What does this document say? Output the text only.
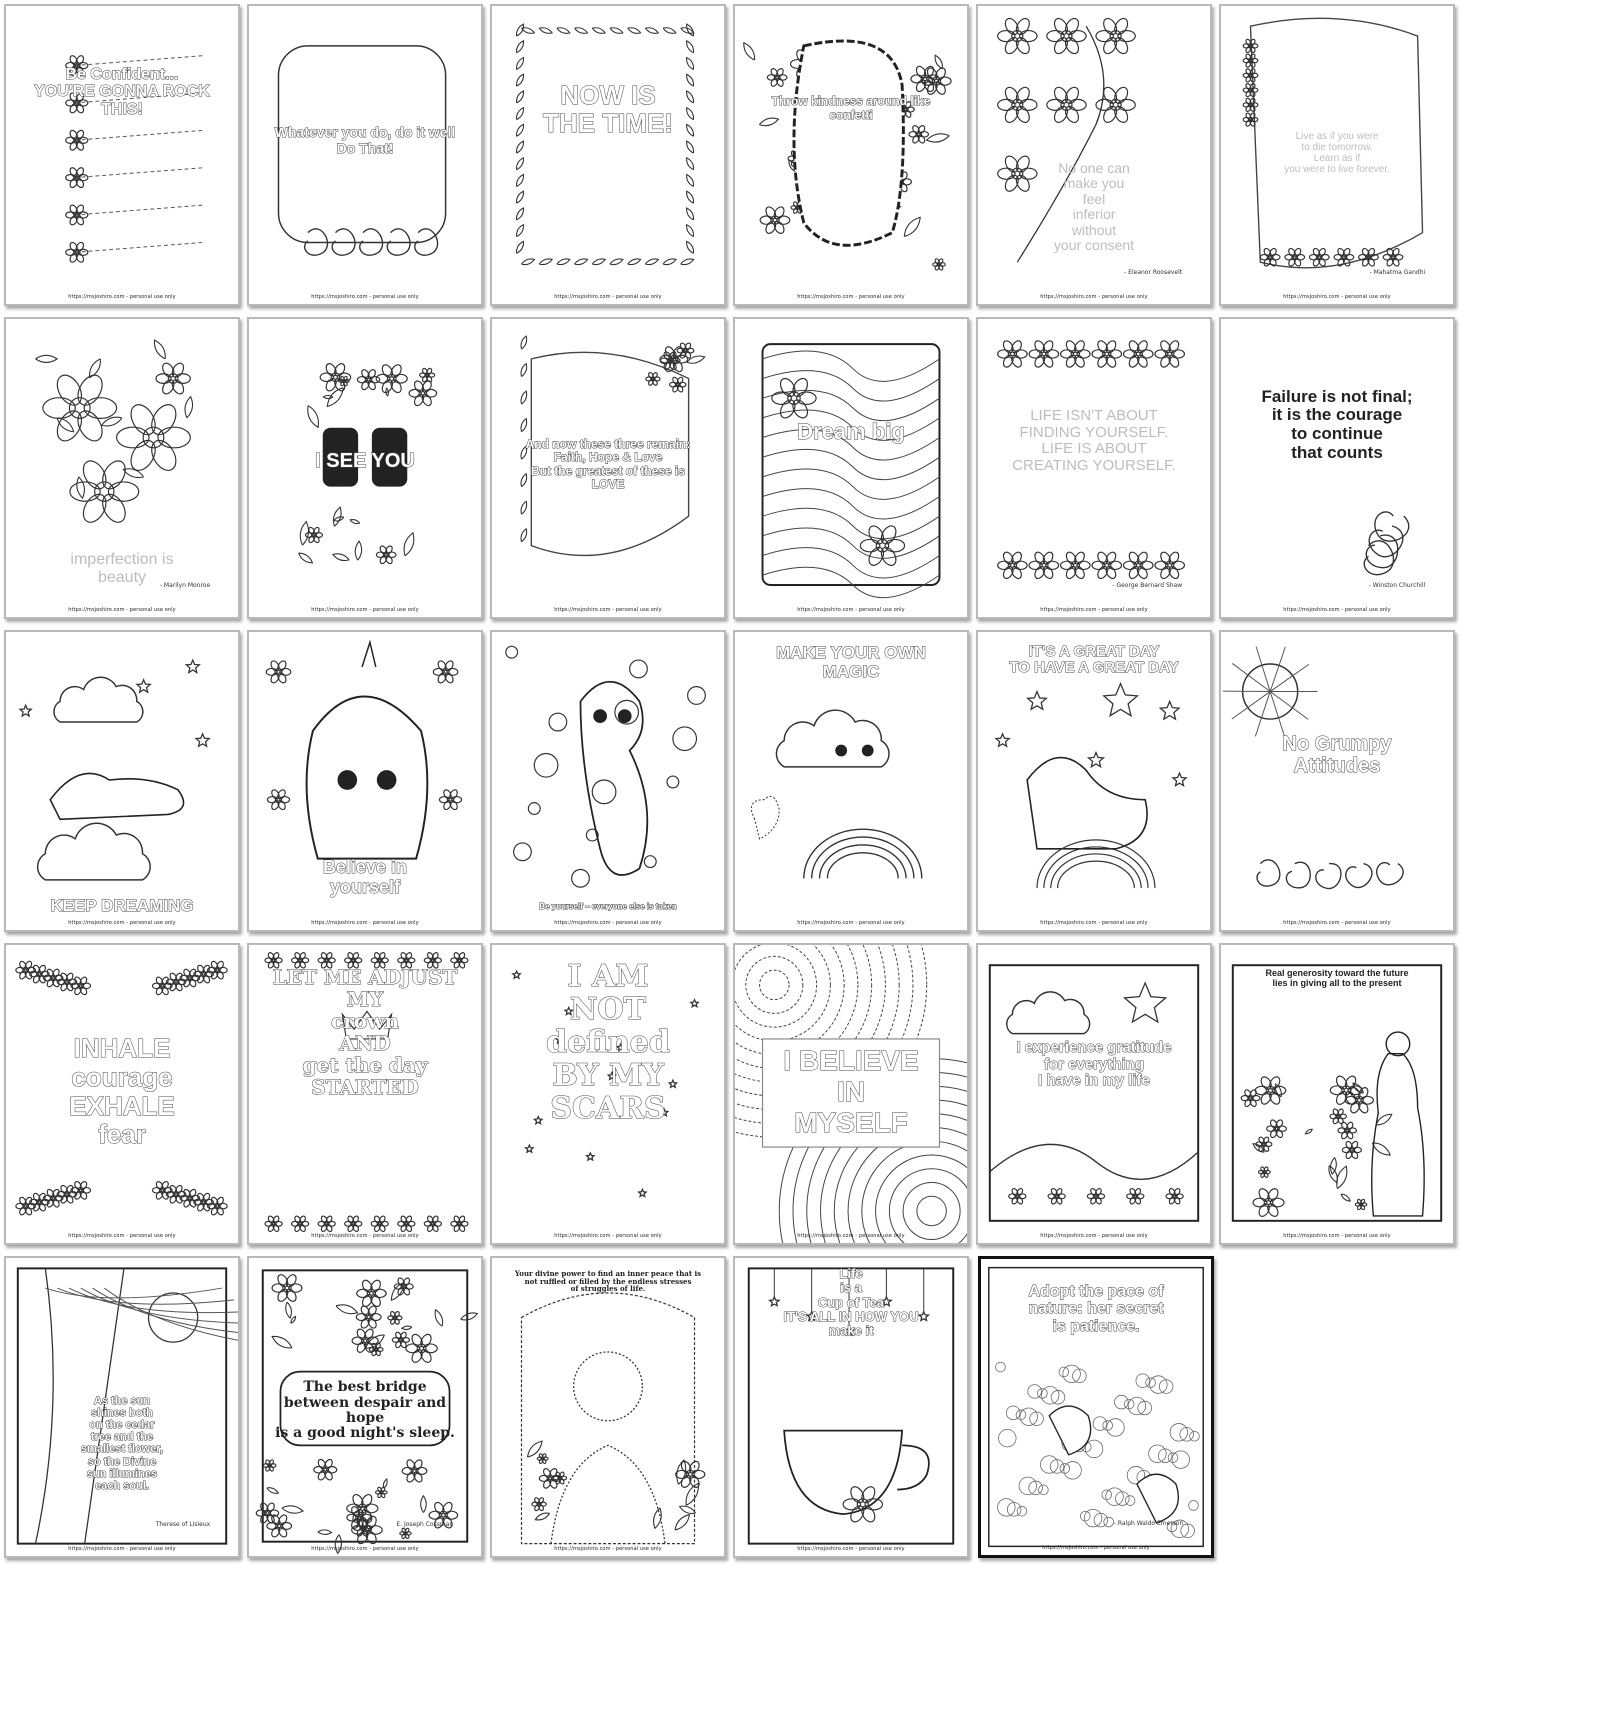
Be Confident...
YOU'RE GONNA ROCK THIS!
https://msjoshiro.com - personal use only
Whatever you do, do it well
Do That!
https://msjoshiro.com - personal use only
NOW IS
THE TIME!
https://msjoshiro.com - personal use only
Throw kindness around like confetti
https://msjoshiro.com - personal use only
No one can
make you
feel
inferior
without
your consent
- Eleanor Roosevelt
https://msjoshiro.com - personal use only
Live as if you were
to die tomorrow.
Learn as if
you were to live forever.
- Mahatma Gandhi
https://msjoshiro.com - personal use only
imperfection is
beauty	- Marilyn Monroe
https://msjoshiro.com - personal use only
I SEE YOU
https://msjoshiro.com - personal use only
And now these three remain:
Faith, Hope & Love
But the greatest of these is
LOVE
https://msjoshiro.com - personal use only
Dream big
https://msjoshiro.com - personal use only
LIFE ISN'T ABOUT
FINDING YOURSELF.
LIFE IS ABOUT
CREATING YOURSELF.
- George Bernard Shaw
https://msjoshiro.com - personal use only
Failure is not final;
it is the courage
to continue
that counts
- Winston Churchill
https://msjoshiro.com - personal use only
KEEP DREAMING
https://msjoshiro.com - personal use only
Believe in
yourself
https://msjoshiro.com - personal use only
Be yourself – everyone else is taken
https://msjoshiro.com - personal use only
MAKE YOUR OWN
MAGIC
https://msjoshiro.com - personal use only
IT'S A GREAT DAY
TO HAVE A GREAT DAY
https://msjoshiro.com - personal use only
No Grumpy Attitudes
https://msjoshiro.com - personal use only
INHALE
courage
EXHALE
fear
https://msjoshiro.com - personal use only
LET ME ADJUST MY
crown
AND
get the day
STARTED
https://msjoshiro.com - personal use only
I AM
NOT
defined
BY MY
SCARS
https://msjoshiro.com - personal use only
I BELIEVE
IN
MYSELF
https://msjoshiro.com - personal use only
I experience gratitude
for everything
I have in my life
https://msjoshiro.com - personal use only
Real generosity toward the future
lies in giving all to the present
https://msjoshiro.com - personal use only
As the sun
shines both
on the cedar
tree and the
smallest flower,
so the Divine
sun illumines
each soul.
Therese of Lisieux
https://msjoshiro.com - personal use only
The best bridge
between despair and hope
is a good night's sleep.
E. Joseph Cossman
https://msjoshiro.com - personal use only
Your divine power to find an inner peace that is
not ruffled or filled by the endless stresses
of struggles of life.
https://msjoshiro.com - personal use only
Life
is a
Cup of Tea
IT'S ALL IN HOW YOU
make it
https://msjoshiro.com - personal use only
Adopt the pace of
nature: her secret
is patience.
- Ralph Waldo Emerson
https://msjoshiro.com - personal use only
